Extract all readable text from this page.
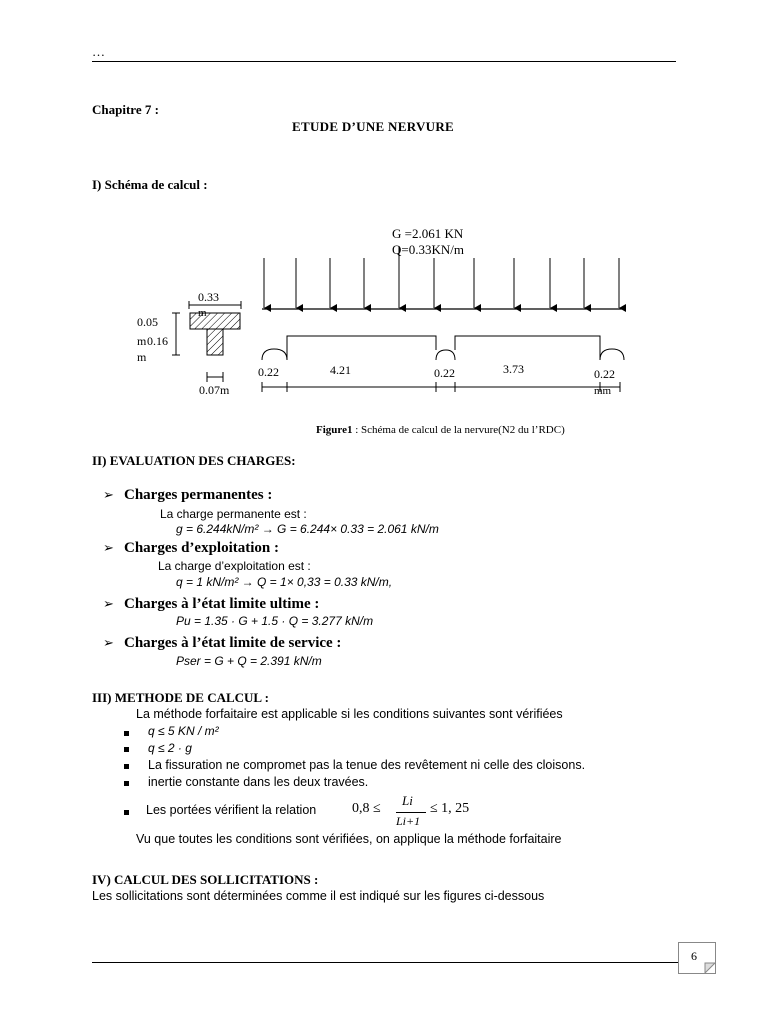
…
Chapitre 7 :
ETUDE D’UNE NERVURE
I) Schéma de calcul :
G =2.061 KN
Q=0.33KN/m
0.33
m
0.05
m 0.16
m
0.07m
0.22	4.21	0.22	3.73	0.22
mm
Figure1 : Schéma de calcul de la nervure(N2 du l’RDC)
II) EVALUATION DES CHARGES:
➢ Charges permanentes :
La charge permanente est :
g = 6.244kN/m² → G = 6.244× 0.33 = 2.061 kN/m
➢ Charges d’exploitation :
La charge d’exploitation est :
q = 1 kN/m² → Q = 1× 0,33 = 0.33 kN/m,
➢ Charges à l’état limite ultime :
Pu = 1.35 · G + 1.5 · Q = 3.277 kN/m
➢ Charges à l’état limite de service :
Pser = G + Q = 2.391 kN/m
III) METHODE DE CALCUL :
La méthode forfaitaire est applicable si les conditions suivantes sont vérifiées
q ≤ 5 KN / m²
q ≤ 2 · g
La fissuration ne compromet pas la tenue des revêtement ni celle des cloisons.
inertie constante dans les deux travées.
Les portées vérifient la relation	0,8 ≤
Li
Li+1
≤ 1, 25
Vu que toutes les conditions sont vérifiées, on applique la méthode forfaitaire
IV) CALCUL DES SOLLICITATIONS :
Les sollicitations sont déterminées comme il est indiqué sur les figures ci-dessous
6
